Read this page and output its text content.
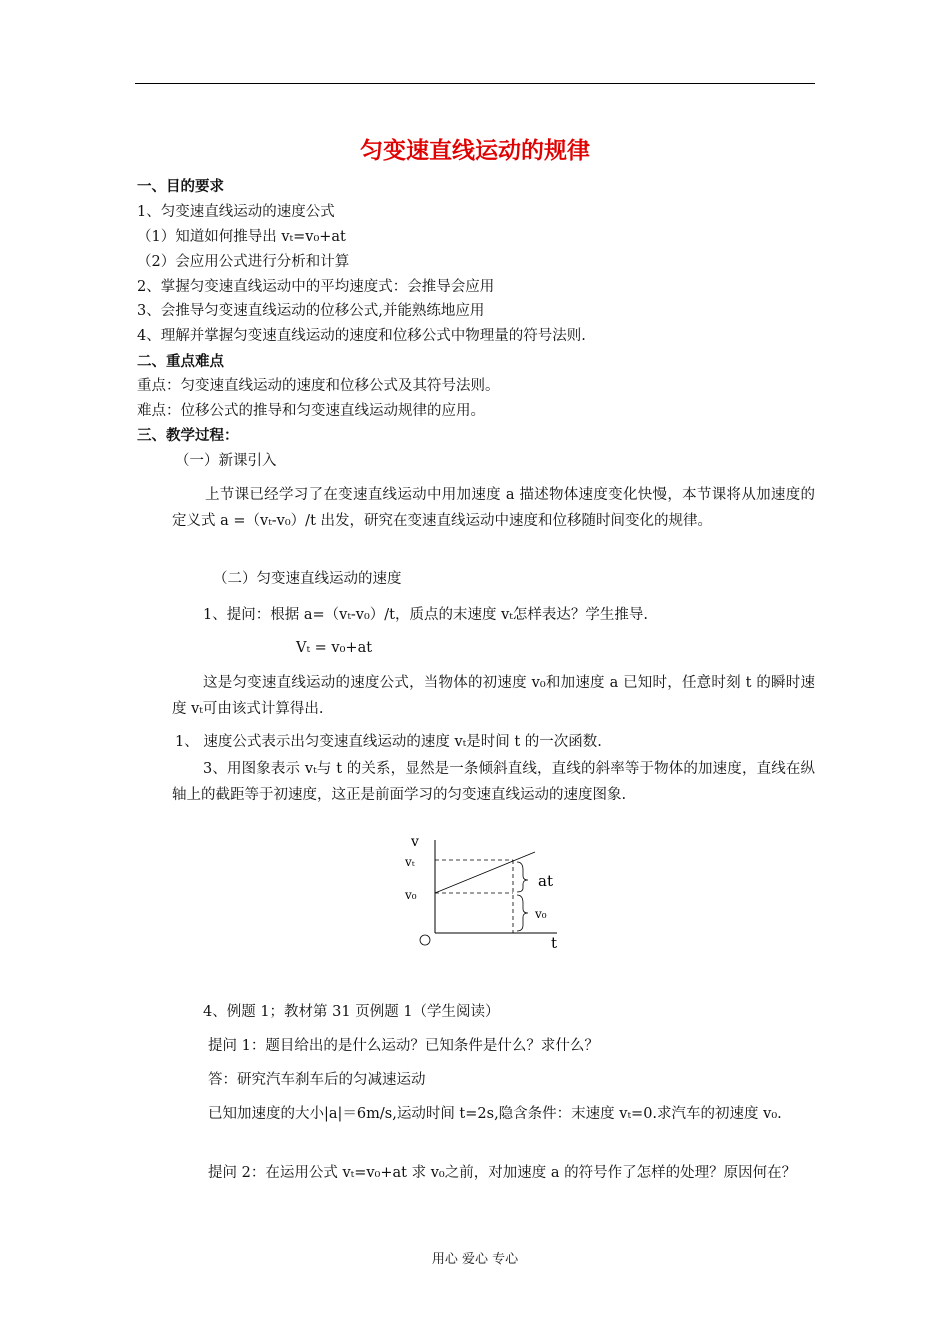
匀变速直线运动的规律
一、目的要求
1、匀变速直线运动的速度公式
（1）知道如何推导出 vₜ=v₀+at
（2）会应用公式进行分析和计算
2、掌握匀变速直线运动中的平均速度式：会推导会应用
3、会推导匀变速直线运动的位移公式,并能熟练地应用
4、理解并掌握匀变速直线运动的速度和位移公式中物理量的符号法则.
二、重点难点
重点：匀变速直线运动的速度和位移公式及其符号法则。
难点：位移公式的推导和匀变速直线运动规律的应用。
三、教学过程：
（一）新课引入
上节课已经学习了在变速直线运动中用加速度 a 描述物体速度变化快慢，本节课将从加速度的定义式 a =（vₜ-v₀）/t 出发，研究在变速直线运动中速度和位移随时间变化的规律。
（二）匀变速直线运动的速度
1、提问：根据 a=（vₜ-v₀）/t，质点的末速度 vₜ怎样表达？学生推导.
Vₜ = v₀+at
这是匀变速直线运动的速度公式，当物体的初速度 v₀和加速度 a 已知时，任意时刻 t 的瞬时速度 vₜ可由该式计算得出.
1、 速度公式表示出匀变速直线运动的速度 vₜ是时间 t 的一次函数.
3、用图象表示 vₜ与 t 的关系，显然是一条倾斜直线，直线的斜率等于物体的加速度，直线在纵轴上的截距等于初速度，这正是前面学习的匀变速直线运动的速度图象.
v
vₜ
v₀
at
v₀
t
4、例题 1；教材第 31 页例题 1（学生阅读）
提问 1：题目给出的是什么运动？已知条件是什么？求什么？
答：研究汽车刹车后的匀减速运动
已知加速度的大小|a|＝6m/s,运动时间 t=2s,隐含条件：末速度 vₜ=0.求汽车的初速度 v₀.
提问 2：在运用公式 vₜ=v₀+at 求 v₀之前，对加速度 a 的符号作了怎样的处理？原因何在？
用心 爱心 专心
